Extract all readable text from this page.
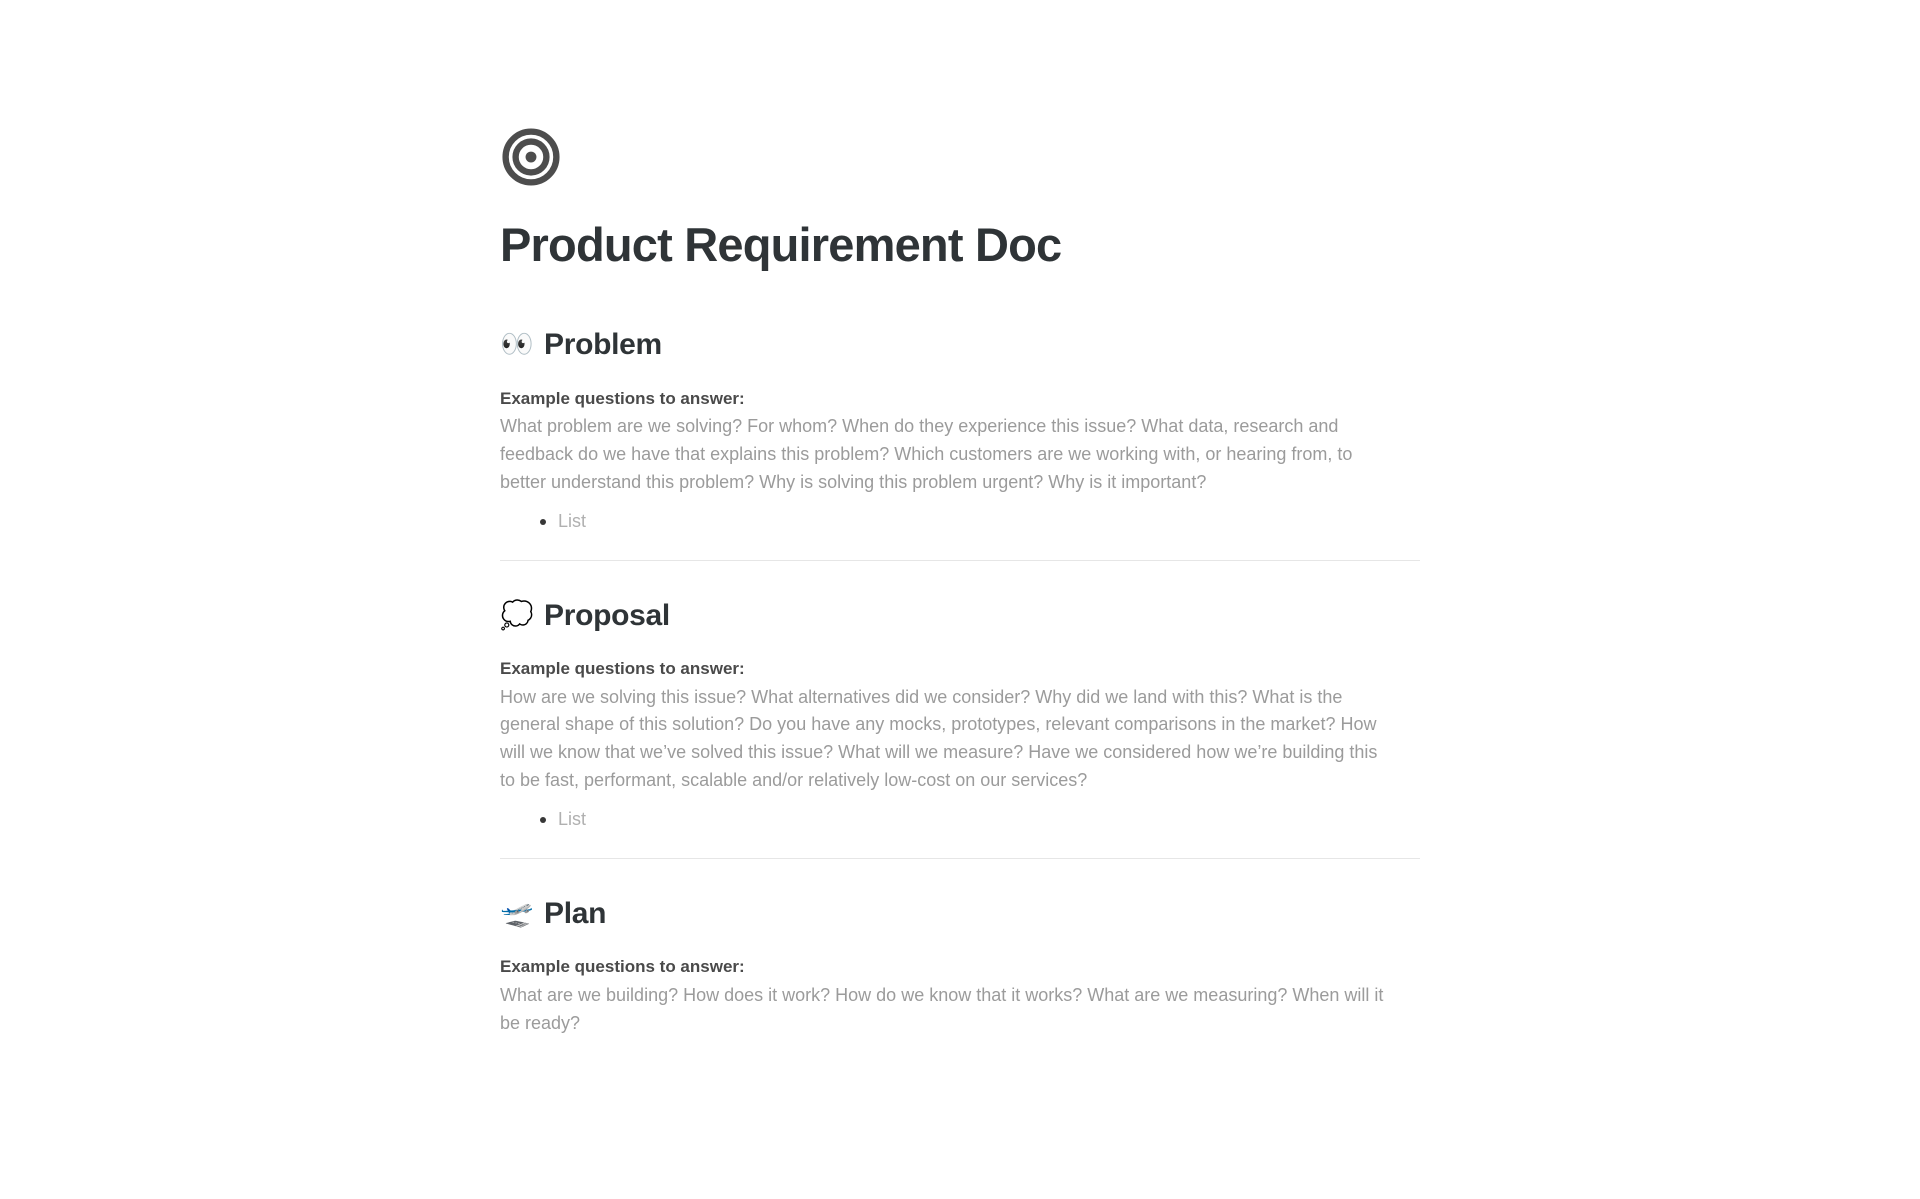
Product Requirement Doc
👀 Problem

Example questions to answer:

What problem are we solving? For whom? When do they experience this issue? What data, research and feedback do we have that explains this problem? Which customers are we working with, or hearing from, to better understand this problem? Why is solving this problem urgent? Why is it important?

List
💭 Proposal

Example questions to answer:

How are we solving this issue? What alternatives did we consider? Why did we land with this? What is the general shape of this solution? Do you have any mocks, prototypes, relevant comparisons in the market? How will we know that we’ve solved this issue? What will we measure? Have we considered how we’re building this to be fast, performant, scalable and/or relatively low-cost on our services?

List
🛫 Plan

Example questions to answer:

What are we building? How does it work? How do we know that it works? What are we measuring? When will it be ready?
